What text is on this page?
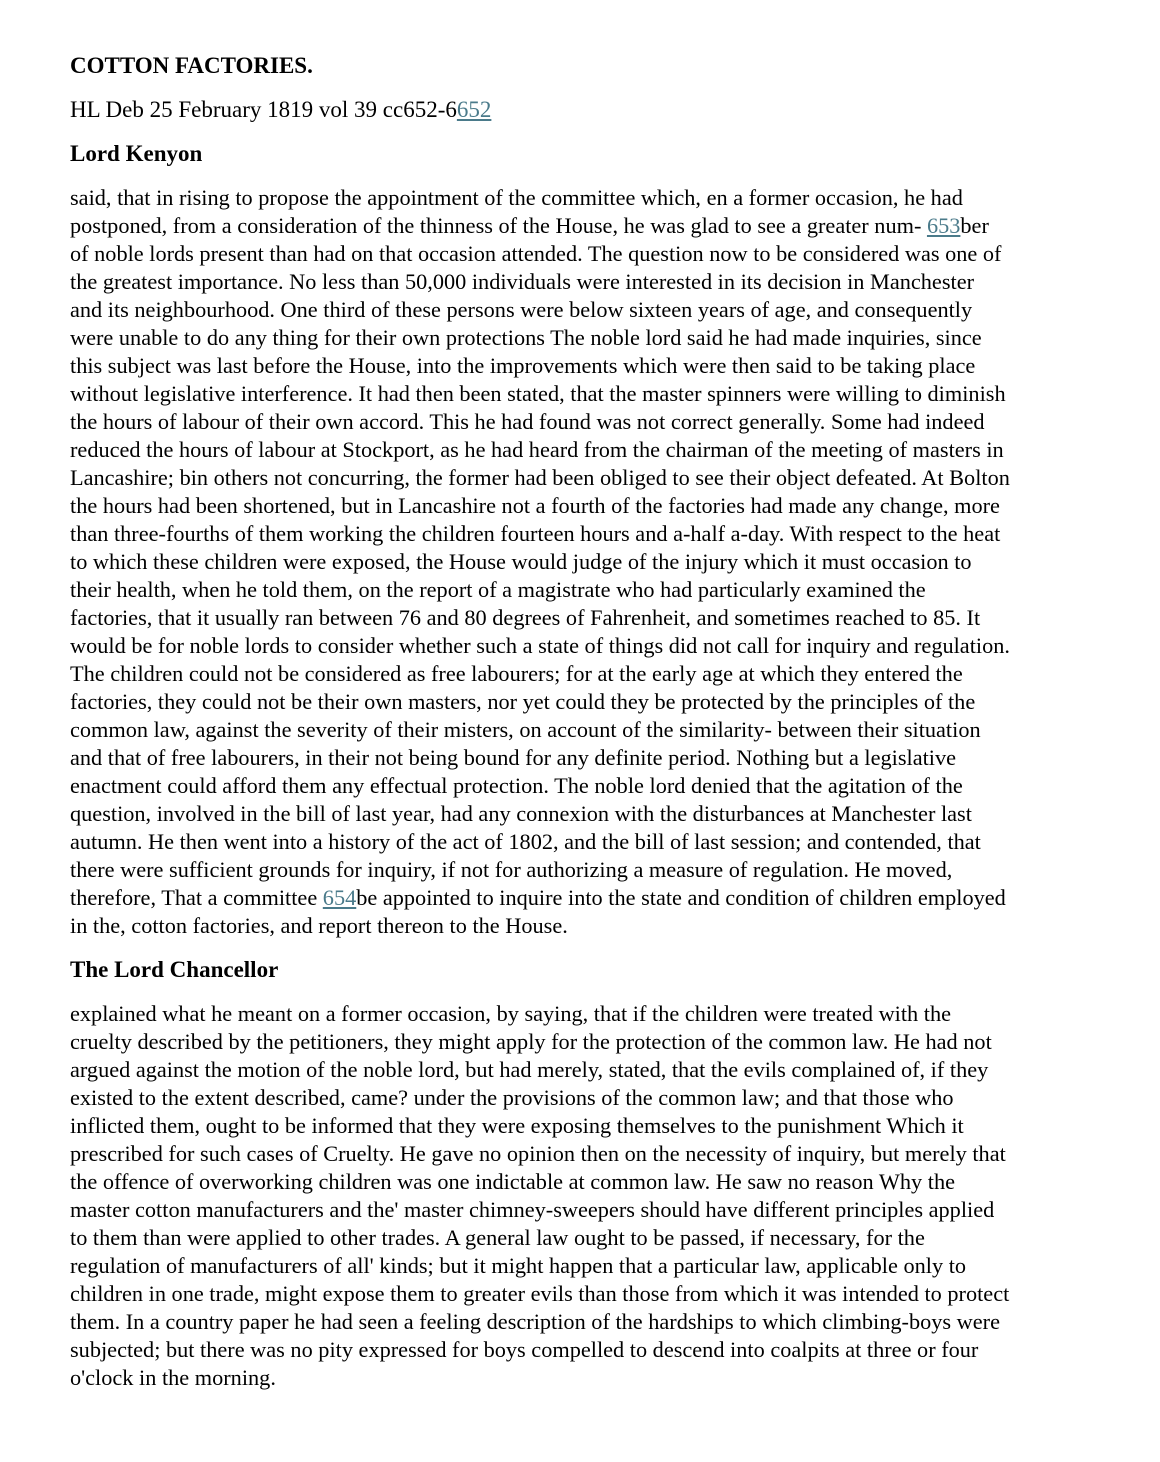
COTTON FACTORIES.
HL Deb 25 February 1819 vol 39 cc652-6652
Lord Kenyon
said, that in rising to propose the appointment of the committee which, en a former occasion, he had postponed, from a consideration of the thinness of the House, he was glad to see a greater num- 653ber of noble lords present than had on that occasion attended. The question now to be considered was one of the greatest importance. No less than 50,000 individuals were interested in its decision in Manchester and its neighbourhood. One third of these persons were below sixteen years of age, and consequently were unable to do any thing for their own protections The noble lord said he had made inquiries, since this subject was last before the House, into the improvements which were then said to be taking place without legislative interference. It had then been stated, that the master spinners were willing to diminish the hours of labour of their own accord. This he had found was not correct generally. Some had indeed reduced the hours of labour at Stockport, as he had heard from the chairman of the meeting of masters in Lancashire; bin others not concurring, the former had been obliged to see their object defeated. At Bolton the hours had been shortened, but in Lancashire not a fourth of the factories had made any change, more than three-fourths of them working the children fourteen hours and a-half a-day. With respect to the heat to which these children were exposed, the House would judge of the injury which it must occasion to their health, when he told them, on the report of a magistrate who had particularly examined the factories, that it usually ran between 76 and 80 degrees of Fahrenheit, and sometimes reached to 85. It would be for noble lords to consider whether such a state of things did not call for inquiry and regulation. The children could not be considered as free labourers; for at the early age at which they entered the factories, they could not be their own masters, nor yet could they be protected by the principles of the common law, against the severity of their misters, on account of the similarity- between their situation and that of free labourers, in their not being bound for any definite period. Nothing but a legislative enactment could afford them any effectual protection. The noble lord denied that the agitation of the question, involved in the bill of last year, had any connexion with the disturbances at Manchester last autumn. He then went into a history of the act of 1802, and the bill of last session; and contended, that there were sufficient grounds for inquiry, if not for authorizing a measure of regulation. He moved, therefore, That a committee 654be appointed to inquire into the state and condition of children employed in the, cotton factories, and report thereon to the House.
The Lord Chancellor
explained what he meant on a former occasion, by saying, that if the children were treated with the cruelty described by the petitioners, they might apply for the protection of the common law. He had not argued against the motion of the noble lord, but had merely, stated, that the evils complained of, if they existed to the extent described, came? under the provisions of the common law; and that those who inflicted them, ought to be informed that they were exposing themselves to the punishment Which it prescribed for such cases of Cruelty. He gave no opinion then on the necessity of inquiry, but merely that the offence of overworking children was one indictable at common law. He saw no reason Why the master cotton manufacturers and the' master chimney-sweepers should have different principles applied to them than were applied to other trades. A general law ought to be passed, if necessary, for the regulation of manufacturers of all' kinds; but it might happen that a particular law, applicable only to children in one trade, might expose them to greater evils than those from which it was intended to protect them. In a country paper he had seen a feeling description of the hardships to which climbing-boys were subjected; but there was no pity expressed for boys compelled to descend into coalpits at three or four o'clock in the morning.
